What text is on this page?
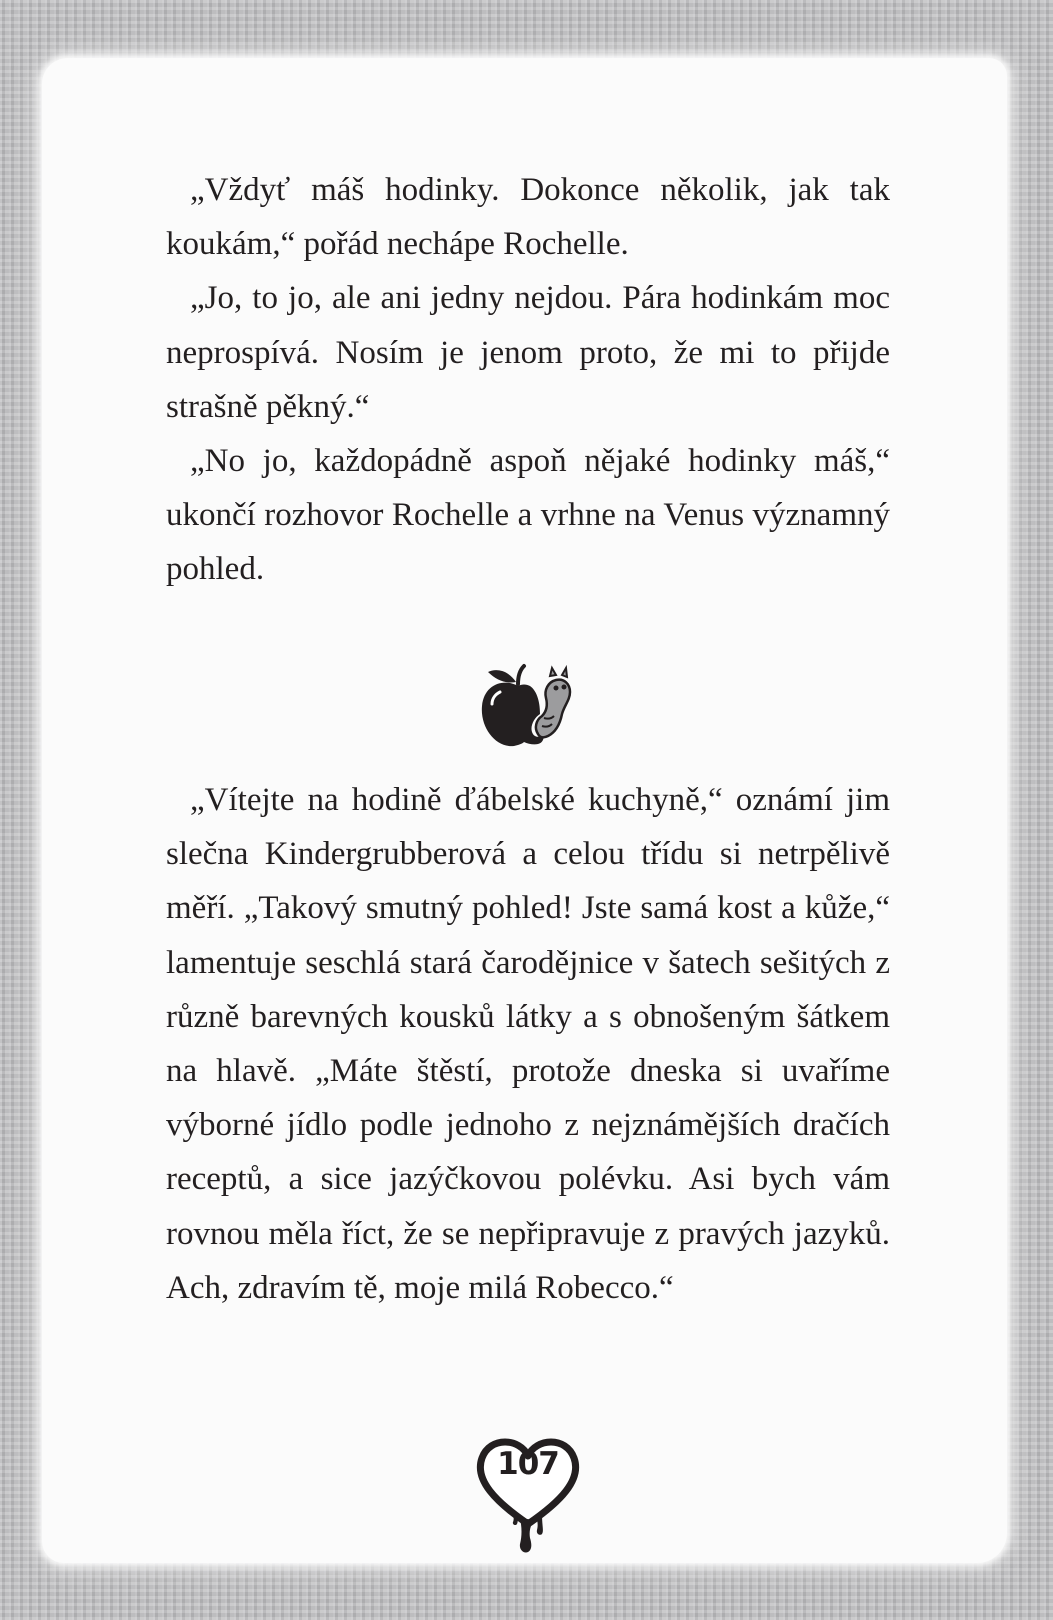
„Vždyť máš hodinky. Dokonce několik, jak tak koukám,“ pořád nechápe Rochelle.

„Jo, to jo, ale ani jedny nejdou. Pára hodinkám moc neprospívá. Nosím je jenom proto, že mi to přijde strašně pěkný.“

„No jo, každopádně aspoň nějaké hodinky máš,“ ukončí rozhovor Rochelle a vrhne na Venus významný pohled.

„Vítejte na hodině ďábelské kuchyně,“ oznámí jim slečna Kindergrubberová a celou třídu si netrpělivě měří. „Takový smutný pohled! Jste samá kost a kůže,“ lamentuje seschlá stará čarodějnice v šatech sešitých z různě barevných kousků látky a s obnošeným šátkem na hlavě. „Máte štěstí, protože dneska si uvaříme výborné jídlo podle jednoho z nejznámějších dračích receptů, a sice jazýčkovou polévku. Asi bych vám rovnou měla říct, že se nepřipravuje z pravých jazyků. Ach, zdravím tě, moje milá Robecco.“

107
